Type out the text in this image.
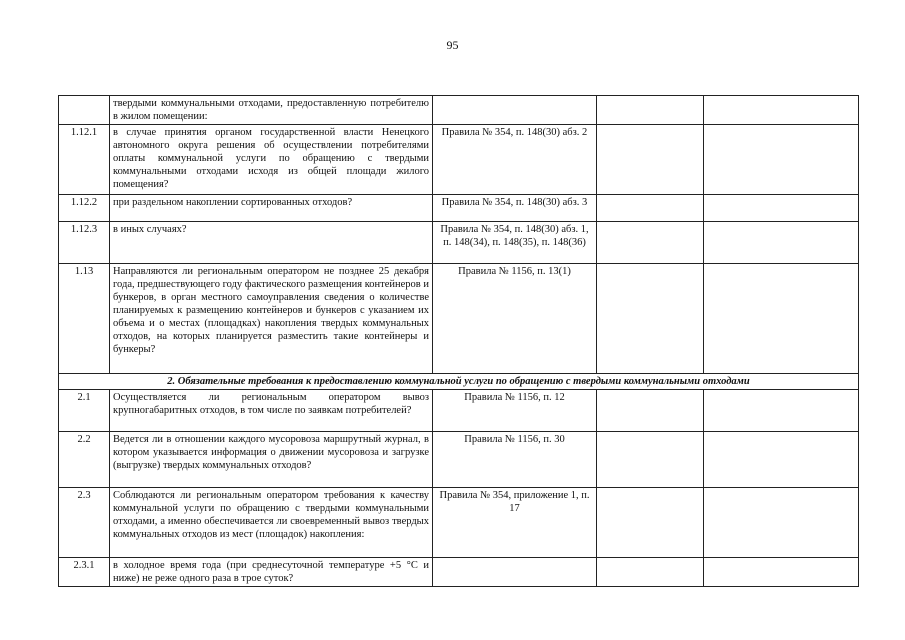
95
	твердыми коммунальными отходами, предоставленную потребителю в жилом помещении:			
1.12.1	в случае принятия органом государственной власти Ненецкого автономного округа решения об осуществлении потребителями оплаты коммунальной услуги по обращению с твердыми коммунальными отходами исходя из общей площади жилого помещения?	Правила № 354, п. 148(30) абз. 2		
1.12.2	при раздельном накоплении сортированных отходов?	Правила № 354, п. 148(30) абз. 3		
1.12.3	в иных случаях?	Правила № 354, п. 148(30) абз. 1, п. 148(34), п. 148(35), п. 148(36)		
1.13	Направляются ли региональным оператором не позднее 25 декабря года, предшествующего году фактического размещения контейнеров и бункеров, в орган местного самоуправления сведения о количестве планируемых к размещению контейнеров и бункеров с указанием их объема и о местах (площадках) накопления твердых коммунальных отходов, на которых планируется разместить такие контейнеры и бункеры?	Правила № 1156, п. 13(1)		
2. Обязательные требования к предоставлению коммунальной услуги по обращению с твердыми коммунальными отходами				
2.1	Осуществляется ли региональным оператором вывоз крупногабаритных отходов, в том числе по заявкам потребителей?	Правила № 1156, п. 12		
2.2	Ведется ли в отношении каждого мусоровоза маршрутный журнал, в котором указывается информация о движении мусоровоза и загрузке (выгрузке) твердых коммунальных отходов?	Правила № 1156, п. 30		
2.3	Соблюдаются ли региональным оператором требования к качеству коммунальной услуги по обращению с твердыми коммунальными отходами, а именно обеспечивается ли своевременный вывоз твердых коммунальных отходов из мест (площадок) накопления:	Правила № 354, приложение 1, п. 17		
2.3.1	в холодное время года (при среднесуточной температуре +5 °С и ниже) не реже одного раза в трое суток?			
